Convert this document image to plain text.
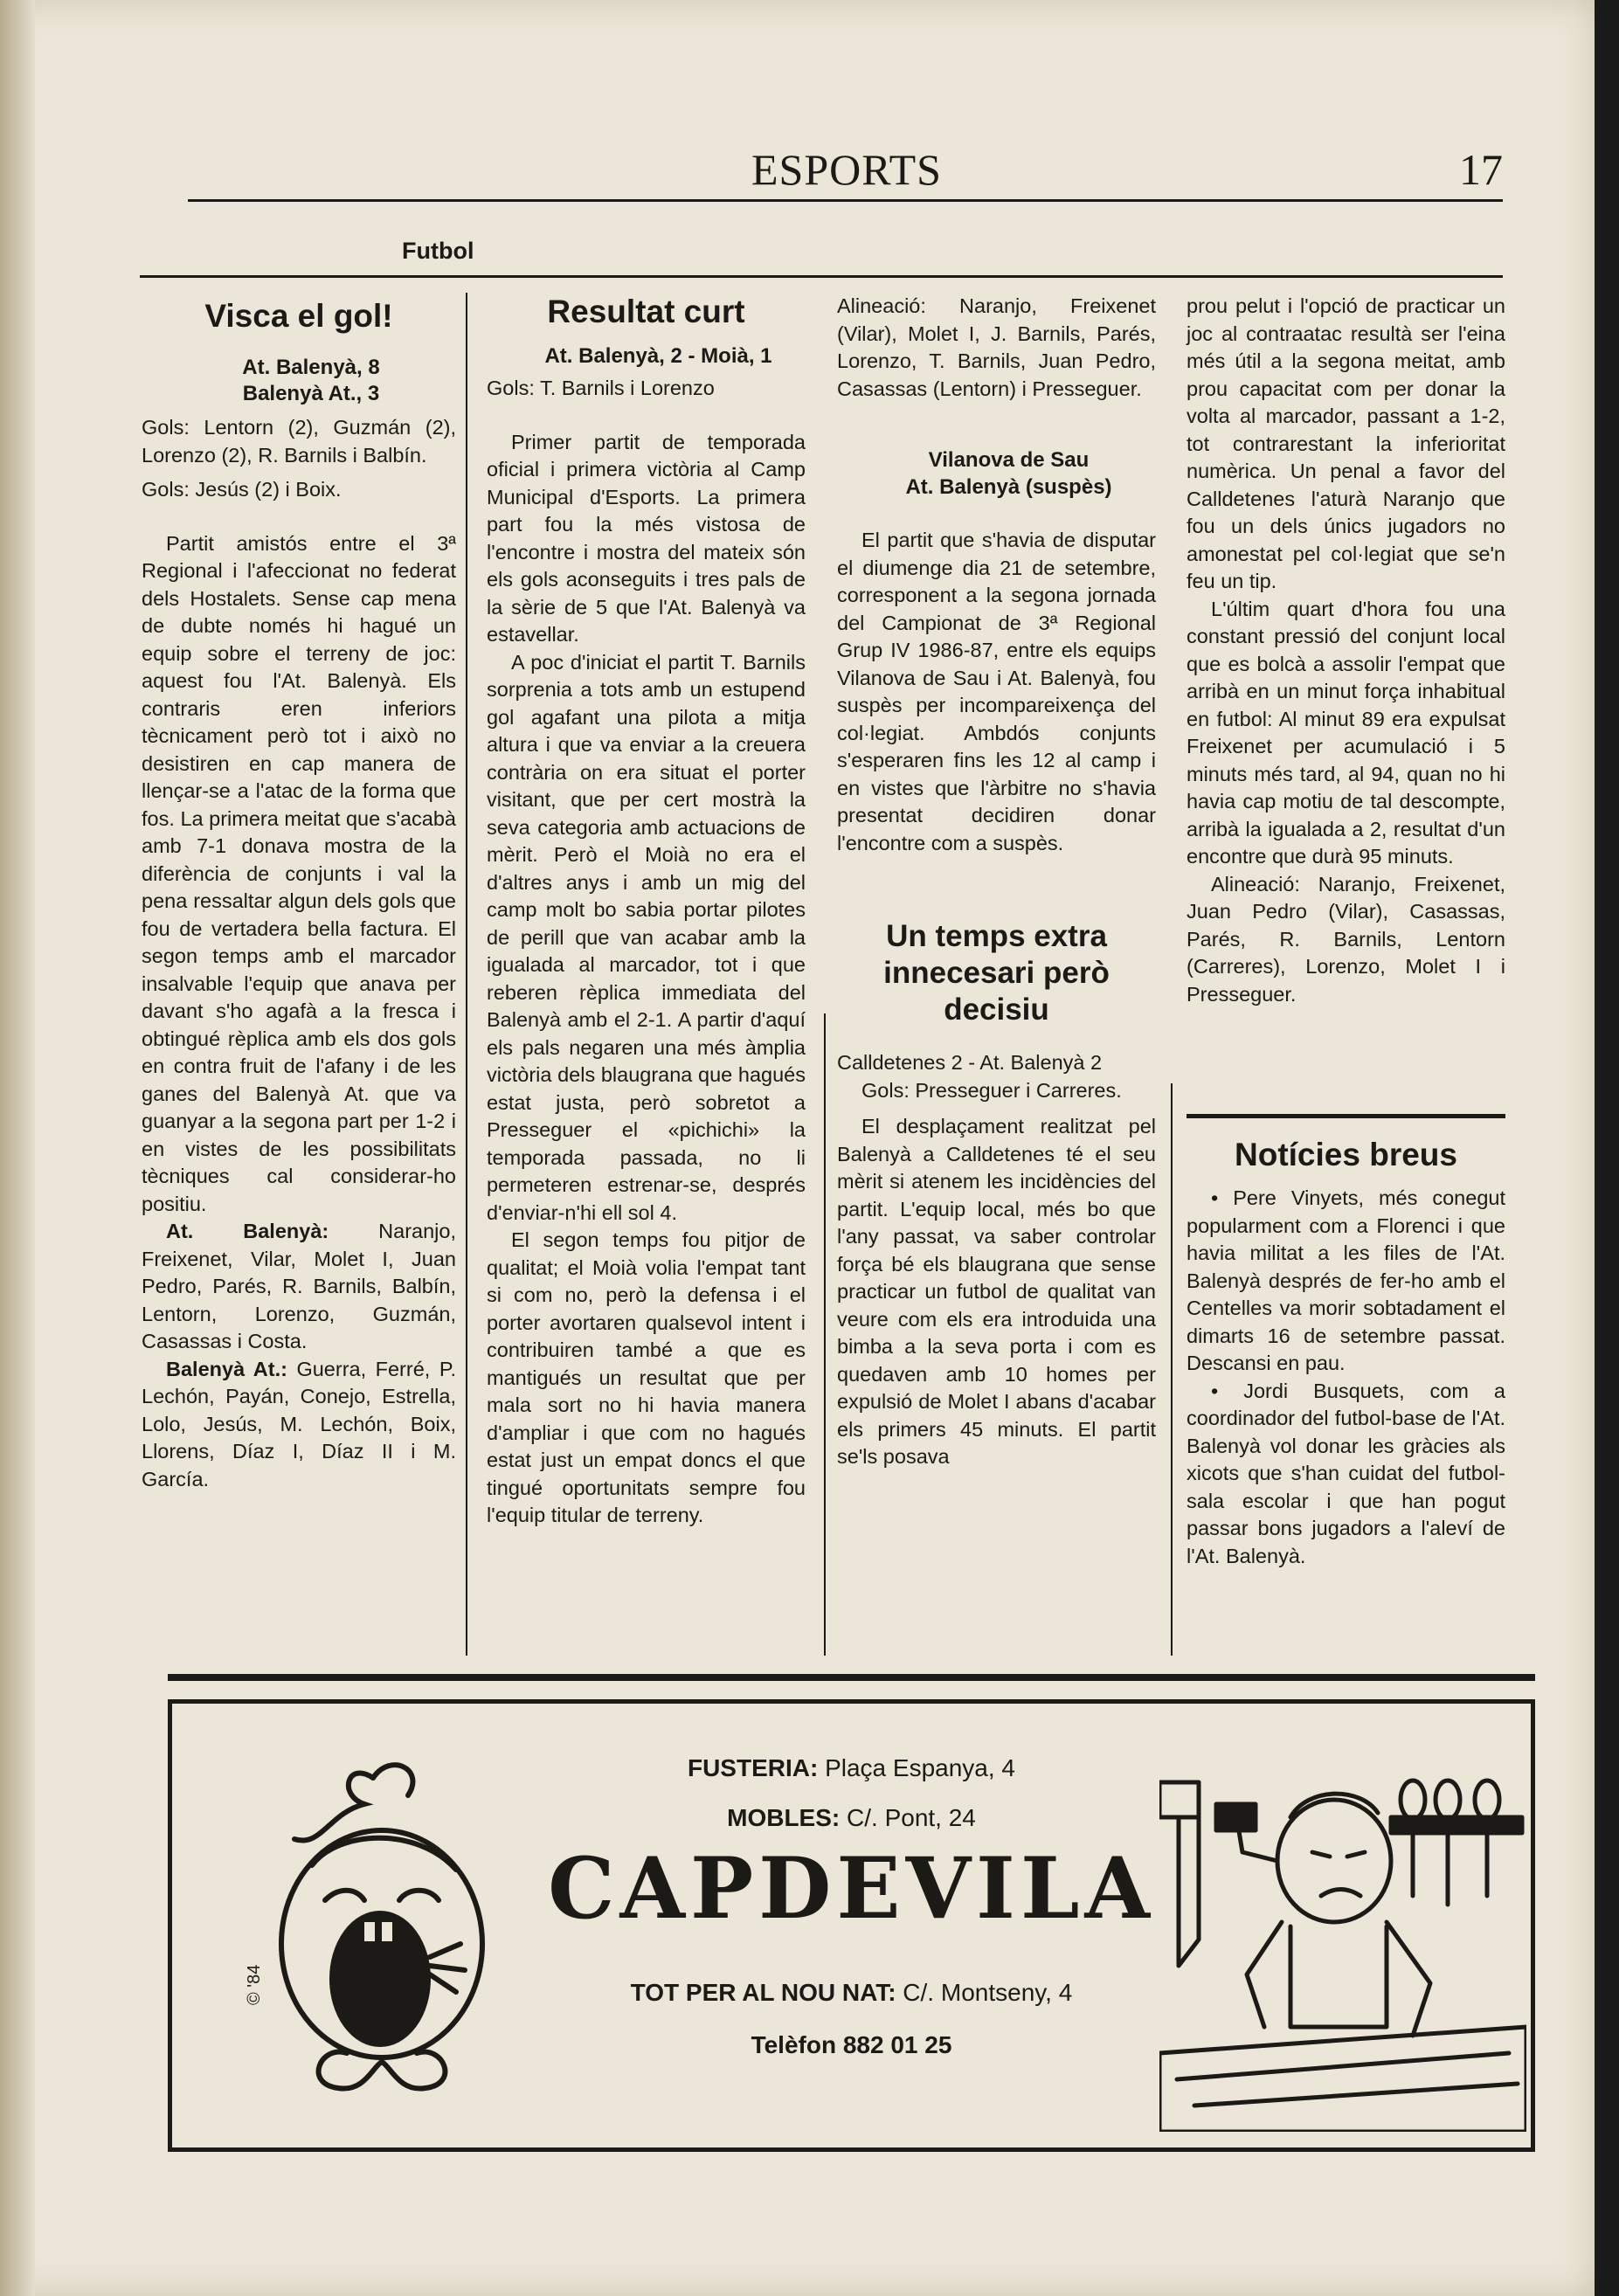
ESPORTS	17
Futbol
Visca el gol!

At. Balenyà, 8

Balenyà At., 3

Gols: Lentorn (2), Guzmán (2), Lorenzo (2), R. Barnils i Balbín.

Gols: Jesús (2) i Boix.

Partit amistós entre el 3ª Regional i l'afeccionat no federat dels Hostalets. Sense cap mena de dubte només hi hagué un equip sobre el terreny de joc: aquest fou l'At. Balenyà. Els contraris eren inferiors tècnicament però tot i això no desistiren en cap manera de llençar-se a l'atac de la forma que fos. La primera meitat que s'acabà amb 7-1 donava mostra de la diferència de conjunts i val la pena ressaltar algun dels gols que fou de vertadera bella factura. El segon temps amb el marcador insalvable l'equip que anava per davant s'ho agafà a la fresca i obtingué rèplica amb els dos gols en contra fruit de l'afany i de les ganes del Balenyà At. que va guanyar a la segona part per 1-2 i en vistes de les possibilitats tècniques cal considerar-ho positiu.

At. Balenyà: Naranjo, Freixenet, Vilar, Molet I, Juan Pedro, Parés, R. Barnils, Balbín, Lentorn, Lorenzo, Guzmán, Casassas i Costa.

Balenyà At.: Guerra, Ferré, P. Lechón, Payán, Conejo, Estrella, Lolo, Jesús, M. Lechón, Boix, Llorens, Díaz I, Díaz II i M. García.

Resultat curt

At. Balenyà, 2 - Moià, 1

Gols: T. Barnils i Lorenzo

Primer partit de temporada oficial i primera victòria al Camp Municipal d'Esports. La primera part fou la més vistosa de l'encontre i mostra del mateix són els gols aconseguits i tres pals de la sèrie de 5 que l'At. Balenyà va estavellar.

A poc d'iniciat el partit T. Barnils sorprenia a tots amb un estupend gol agafant una pilota a mitja altura i que va enviar a la creuera contrària on era situat el porter visitant, que per cert mostrà la seva categoria amb actuacions de mèrit. Però el Moià no era el d'altres anys i amb un mig del camp molt bo sabia portar pilotes de perill que van acabar amb la igualada al marcador, tot i que reberen rèplica immediata del Balenyà amb el 2-1. A partir d'aquí els pals negaren una més àmplia victòria dels blaugrana que hagués estat justa, però sobretot a Presseguer el «pichichi» la temporada passada, no li permeteren estrenar-se, després d'enviar-n'hi ell sol 4.

El segon temps fou pitjor de qualitat; el Moià volia l'empat tant si com no, però la defensa i el porter avortaren qualsevol intent i contribuiren també a que es mantigués un resultat que per mala sort no hi havia manera d'ampliar i que com no hagués estat just un empat doncs el que tingué oportunitats sempre fou l'equip titular de terreny.

Alineació: Naranjo, Freixenet (Vilar), Molet I, J. Barnils, Parés, Lorenzo, T. Barnils, Juan Pedro, Casassas (Lentorn) i Presseguer.

Vilanova de Sau

At. Balenyà (suspès)

El partit que s'havia de disputar el diumenge dia 21 de setembre, corresponent a la segona jornada del Campionat de 3ª Regional Grup IV 1986-87, entre els equips Vilanova de Sau i At. Balenyà, fou suspès per incompareixença del col·legiat. Ambdós conjunts s'esperaren fins les 12 al camp i en vistes que l'àrbitre no s'havia presentat decidiren donar l'encontre com a suspès.

Un temps extra innecesari però decisiu

Calldetenes 2 - At. Balenyà 2

Gols: Presseguer i Carreres.

El desplaçament realitzat pel Balenyà a Calldetenes té el seu mèrit si atenem les incidències del partit. L'equip local, més bo que l'any passat, va saber controlar força bé els blaugrana que sense practicar un futbol de qualitat van veure com els era introduida una bimba a la seva porta i com es quedaven amb 10 homes per expulsió de Molet I abans d'acabar els primers 45 minuts. El partit se'ls posava

prou pelut i l'opció de practicar un joc al contraatac resultà ser l'eina més útil a la segona meitat, amb prou capacitat com per donar la volta al marcador, passant a 1-2, tot contrarestant la inferioritat numèrica. Un penal a favor del Calldetenes l'aturà Naranjo que fou un dels únics jugadors no amonestat pel col·legiat que se'n feu un tip.

L'últim quart d'hora fou una constant pressió del conjunt local que es bolcà a assolir l'empat que arribà en un minut força inhabitual en futbol: Al minut 89 era expulsat Freixenet per acumulació i 5 minuts més tard, al 94, quan no hi havia cap motiu de tal descompte, arribà la igualada a 2, resultat d'un encontre que durà 95 minuts.

Alineació: Naranjo, Freixenet, Juan Pedro (Vilar), Casassas, Parés, R. Barnils, Lentorn (Carreres), Lorenzo, Molet I i Presseguer.

Notícies breus

• Pere Vinyets, més conegut popularment com a Florenci i que havia militat a les files de l'At. Balenyà després de fer-ho amb el Centelles va morir sobtadament el dimarts 16 de setembre passat. Descansi en pau.

• Jordi Busquets, com a coordinador del futbol-base de l'At. Balenyà vol donar les gràcies als xicots que s'han cuidat del futbol-sala escolar i que han pogut passar bons jugadors a l'aleví de l'At. Balenyà.

FUSTERIA: Plaça Espanya, 4
MOBLES: C/. Pont, 24
CAPDEVILA
TOT PER AL NOU NAT: C/. Montseny, 4
Telèfon 882 01 25
© '84
